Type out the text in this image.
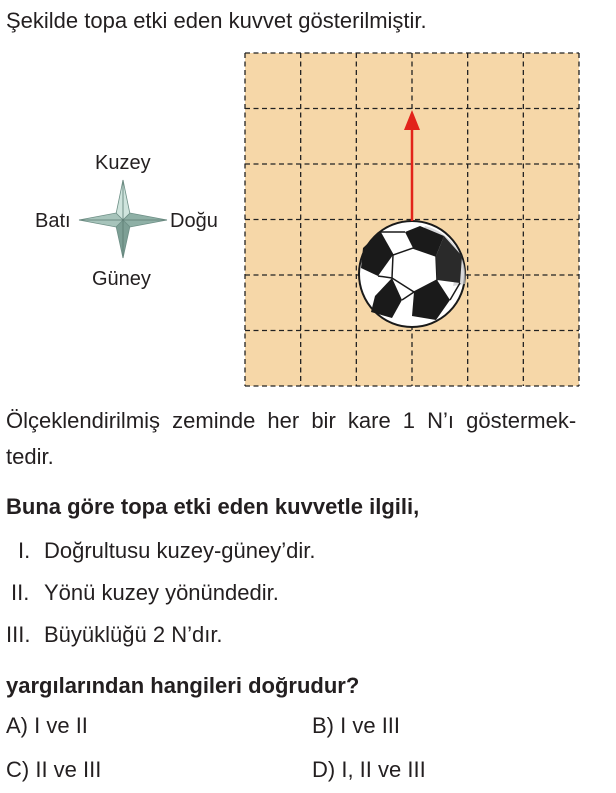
Şekilde topa etki eden kuvvet gösterilmiştir.
Kuzey
Güney
Batı	Doğu
Ölçeklendirilmiş zeminde her bir kare 1 N’ı göstermek-
tedir.
Buna göre topa etki eden kuvvetle ilgili,
I. Doğrultusu kuzey-güney’dir.
II. Yönü kuzey yönündedir.
III. Büyüklüğü 2 N’dır.
yargılarından hangileri doğrudur?
A) I ve II	B) I ve III
C) II ve III	D) I, II ve III
